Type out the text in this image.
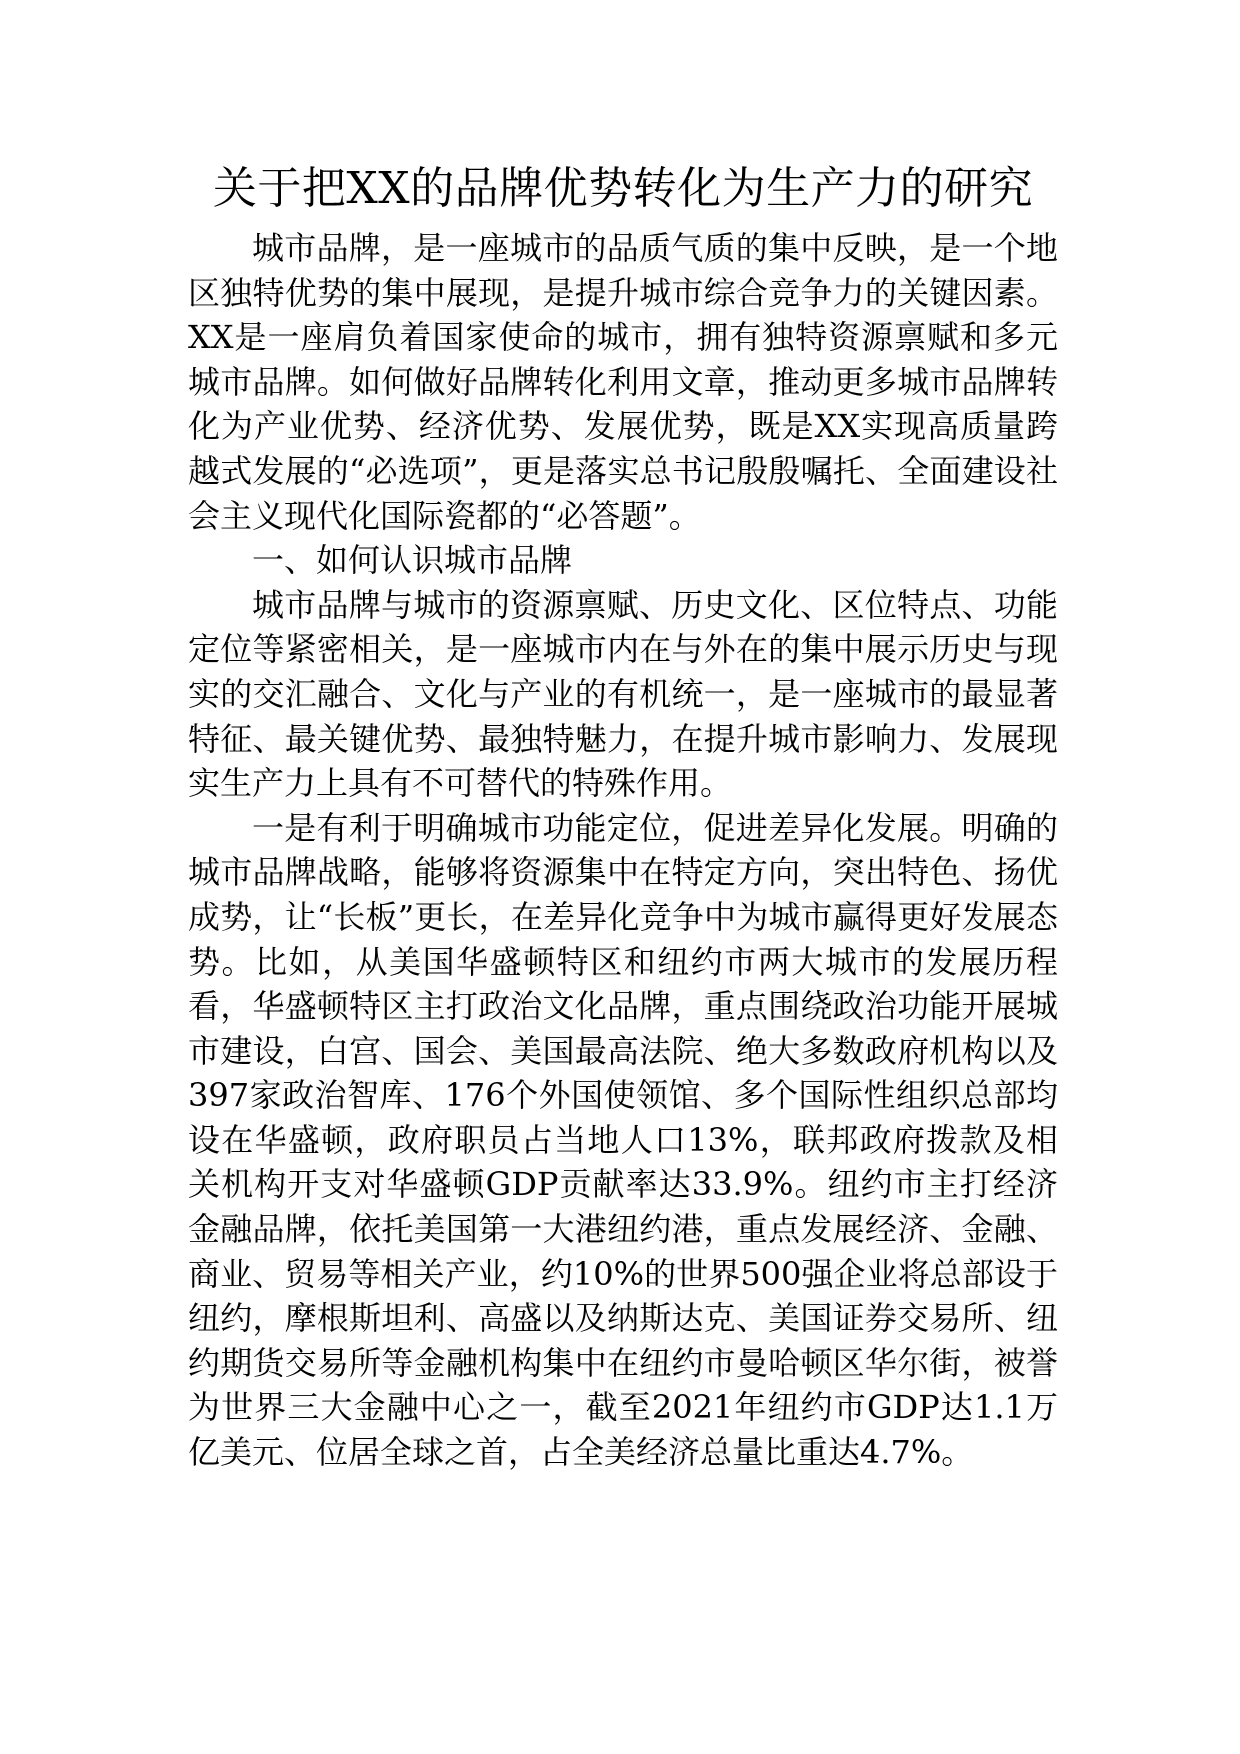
关于把XX的品牌优势转化为生产力的研究

城市品牌，是一座城市的品质气质的集中反映，是一个地区独特优势的集中展现，是提升城市综合竞争力的关键因素。XX是一座肩负着国家使命的城市，拥有独特资源禀赋和多元城市品牌。如何做好品牌转化利用文章，推动更多城市品牌转化为产业优势、经济优势、发展优势，既是XX实现高质量跨越式发展的“必选项”，更是落实总书记殷殷嘱托、全面建设社会主义现代化国际瓷都的“必答题”。

一、如何认识城市品牌

城市品牌与城市的资源禀赋、历史文化、区位特点、功能定位等紧密相关，是一座城市内在与外在的集中展示历史与现实的交汇融合、文化与产业的有机统一，是一座城市的最显著特征、最关键优势、最独特魅力，在提升城市影响力、发展现实生产力上具有不可替代的特殊作用。

一是有利于明确城市功能定位，促进差异化发展。明确的城市品牌战略，能够将资源集中在特定方向，突出特色、扬优成势，让“长板”更长，在差异化竞争中为城市赢得更好发展态势。比如，从美国华盛顿特区和纽约市两大城市的发展历程看，华盛顿特区主打政治文化品牌，重点围绕政治功能开展城市建设，白宫、国会、美国最高法院、绝大多数政府机构以及397家政治智库、176个外国使领馆、多个国际性组织总部均设在华盛顿，政府职员占当地人口13%，联邦政府拨款及相关机构开支对华盛顿GDP贡献率达33.9%。纽约市主打经济金融品牌，依托美国第一大港纽约港，重点发展经济、金融、商业、贸易等相关产业，约10%的世界500强企业将总部设于纽约，摩根斯坦利、高盛以及纳斯达克、美国证券交易所、纽约期货交易所等金融机构集中在纽约市曼哈顿区华尔街，被誉为世界三大金融中心之一，截至2021年纽约市GDP达1.1万亿美元、位居全球之首，占全美经济总量比重达4.7%。
